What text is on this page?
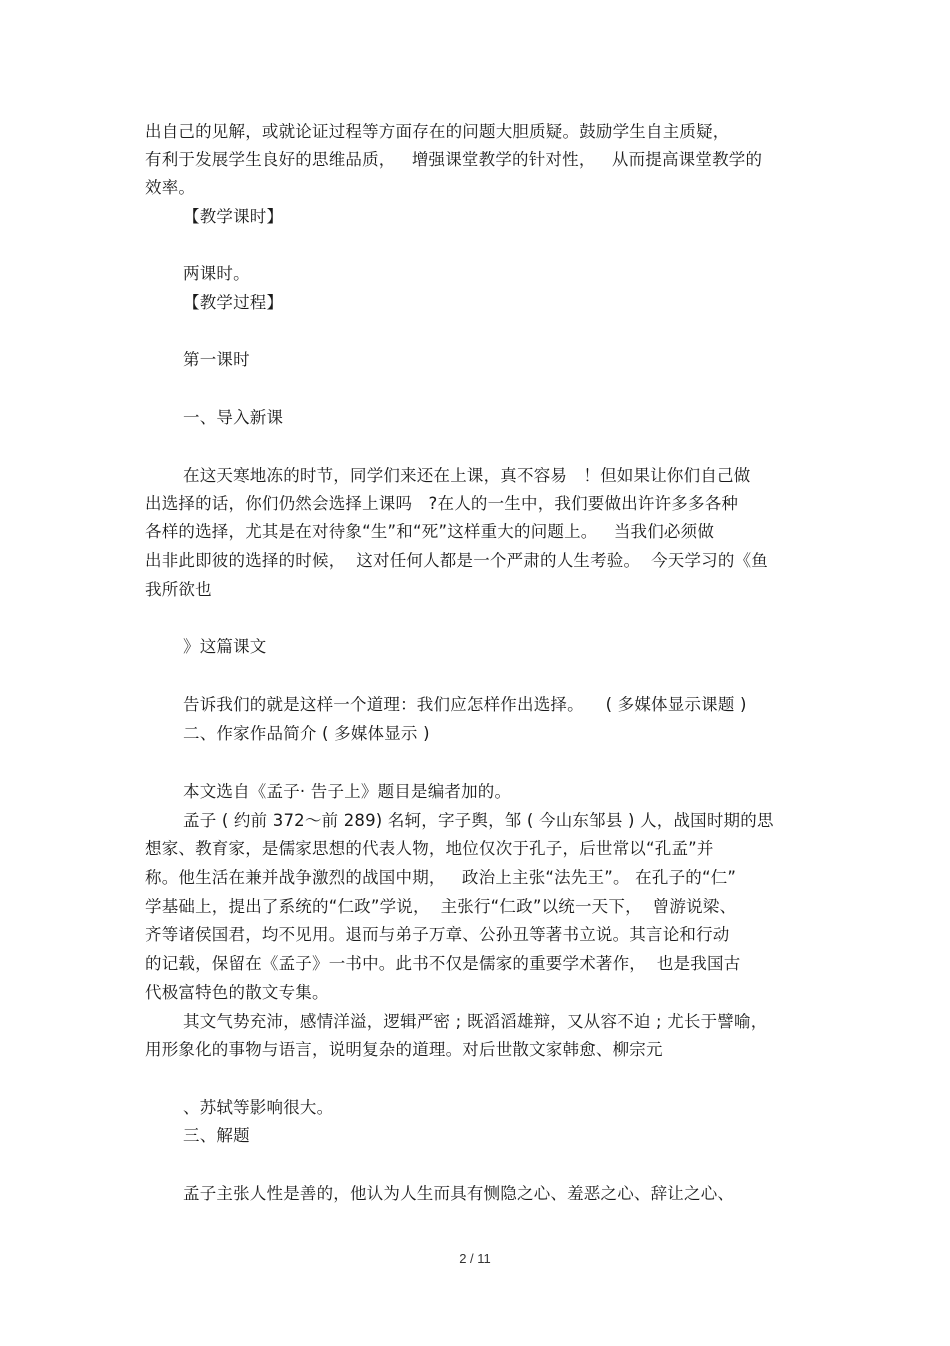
出自己的见解，或就论证过程等方面存在的问题大胆质疑。鼓励学生自主质疑，
有利于发展学生良好的思维品质，   增强课堂教学的针对性，   从而提高课堂教学的
效率。
【教学课时】
两课时。
【教学过程】
第一课时
一、导入新课
在这天寒地冻的时节，同学们来还在上课，真不容易   ！但如果让你们自己做
出选择的话，你们仍然会选择上课吗   ?在人的一生中，我们要做出许许多多各种
各样的选择，尤其是在对待象“生”和“死”这样重大的问题上。   当我们必须做
出非此即彼的选择的时候，  这对任何人都是一个严肃的人生考验。  今天学习的《鱼
我所欲也
》这篇课文
告诉我们的就是这样一个道理：我们应怎样作出选择。    ( 多媒体显示课题 )
二、作家作品简介 ( 多媒体显示 )
本文选自《孟子· 告子上》题目是编者加的。
孟子 ( 约前 372～前 289) 名轲，字子舆，邹 ( 今山东邹县 ) 人，战国时期的思
想家、教育家，是儒家思想的代表人物，地位仅次于孔子，后世常以“孔孟”并
称。他生活在兼并战争激烈的战国中期，   政治上主张“法先王”。 在孔子的“仁”
学基础上，提出了系统的“仁政”学说，  主张行“仁政”以统一天下，  曾游说梁、
齐等诸侯国君，均不见用。退而与弟子万章、公孙丑等著书立说。其言论和行动
的记载，保留在《孟子》一书中。此书不仅是儒家的重要学术著作，  也是我国古
代极富特色的散文专集。
其文气势充沛，感情洋溢，逻辑严密 ; 既滔滔雄辩，又从容不迫 ; 尤长于譬喻，
用形象化的事物与语言，说明复杂的道理。对后世散文家韩愈、柳宗元
、苏轼等影响很大。
三、解题
孟子主张人性是善的，他认为人生而具有恻隐之心、羞恶之心、辞让之心、
2 / 11
